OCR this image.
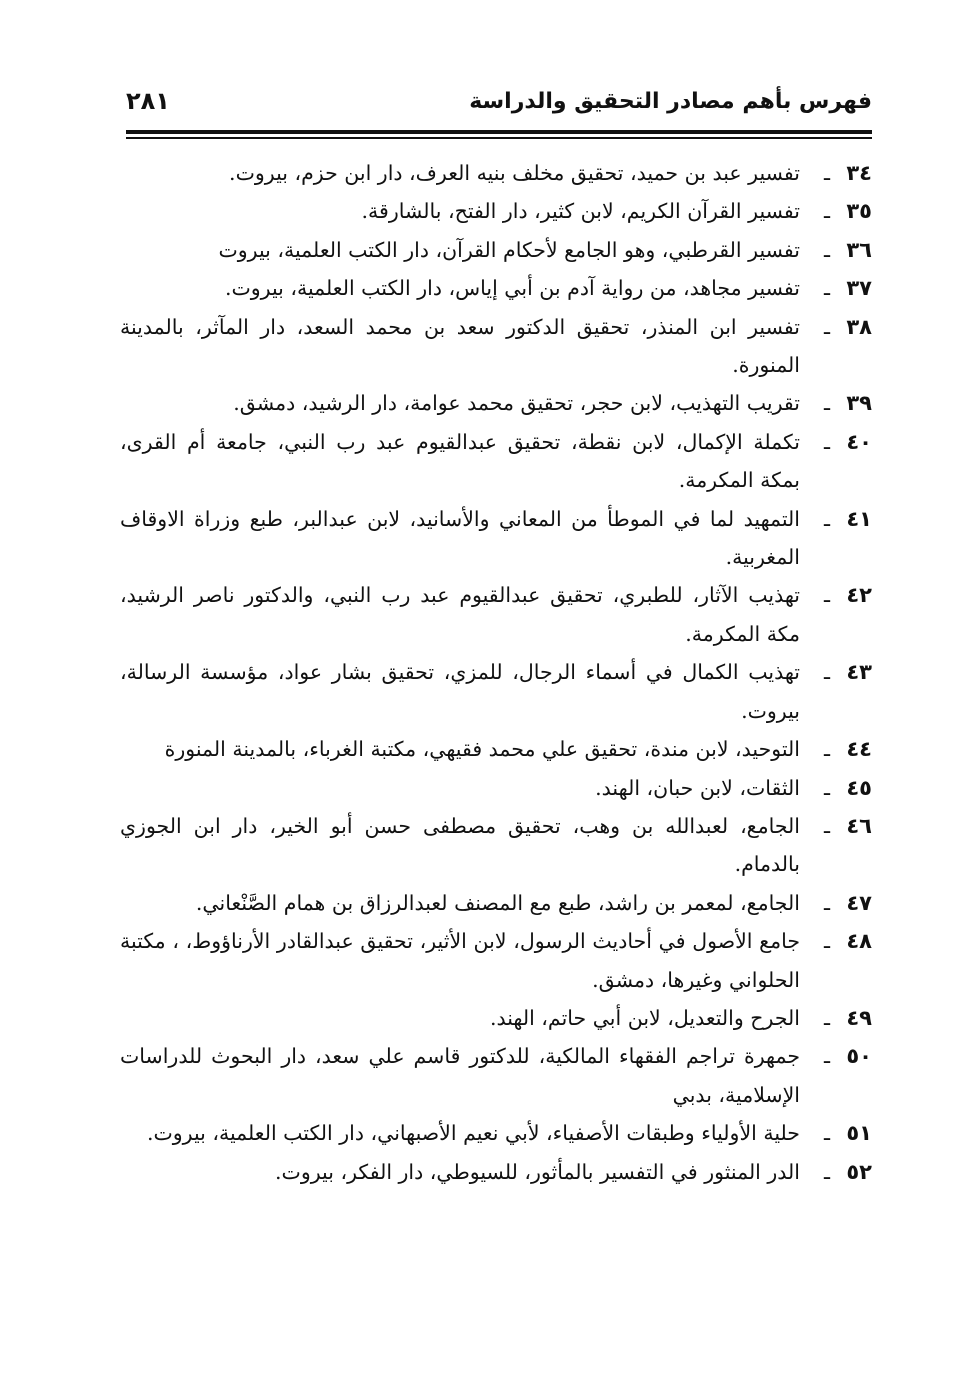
فهرس بأهم مصادر التحقيق والدراسة
٢٨١
٣٤
ـ
تفسير عبد بن حميد، تحقيق مخلف بنيه العرف، دار ابن حزم، بيروت.
٣٥
ـ
تفسير القرآن الكريم، لابن كثير، دار الفتح، بالشارقة.
٣٦
ـ
تفسير القرطبي، وهو الجامع لأحكام القرآن، دار الكتب العلمية، بيروت
٣٧
ـ
تفسير مجاهد، من رواية آدم بن أبي إياس، دار الكتب العلمية، بيروت.
٣٨
ـ
تفسير ابن المنذر، تحقيق الدكتور سعد بن محمد السعد، دار المآثر، بالمدينة المنورة.
٣٩
ـ
تقريب التهذيب، لابن حجر، تحقيق محمد عوامة، دار الرشيد، دمشق.
٤٠
ـ
تكملة الإكمال، لابن نقطة، تحقيق عبدالقيوم عبد رب النبي، جامعة أم القرى، بمكة المكرمة.
٤١
ـ
التمهيد لما في الموطأ من المعاني والأسانيد، لابن عبدالبر، طبع وزراة الاوقاف المغربية.
٤٢
ـ
تهذيب الآثار، للطبري، تحقيق عبدالقيوم عبد رب النبي، والدكتور ناصر الرشيد، مكة المكرمة.
٤٣
ـ
تهذيب الكمال في أسماء الرجال، للمزي، تحقيق بشار عواد، مؤسسة الرسالة، بيروت.
٤٤
ـ
التوحيد، لابن مندة، تحقيق علي محمد فقيهي، مكتبة الغرباء، بالمدينة المنورة
٤٥
ـ
الثقات، لابن حبان، الهند.
٤٦
ـ
الجامع، لعبدالله بن وهب، تحقيق مصطفى حسن أبو الخير، دار ابن الجوزي بالدمام.
٤٧
ـ
الجامع، لمعمر بن راشد، طبع مع المصنف لعبدالرزاق بن همام الصَّنْعاني.
٤٨
ـ
جامع الأصول في أحاديث الرسول، لابن الأثير، تحقيق عبدالقادر الأرناؤوط، ، مكتبة الحلواني وغيرها، دمشق.
٤٩
ـ
الجرح والتعديل، لابن أبي حاتم، الهند.
٥٠
ـ
جمهرة تراجم الفقهاء المالكية، للدكتور قاسم علي سعد، دار البحوث للدراسات الإسلامية، بدبي
٥١
ـ
حلية الأولياء وطبقات الأصفياء، لأبي نعيم الأصبهاني، دار الكتب العلمية، بيروت.
٥٢
ـ
الدر المنثور في التفسير بالمأثور، للسيوطي، دار الفكر، بيروت.
